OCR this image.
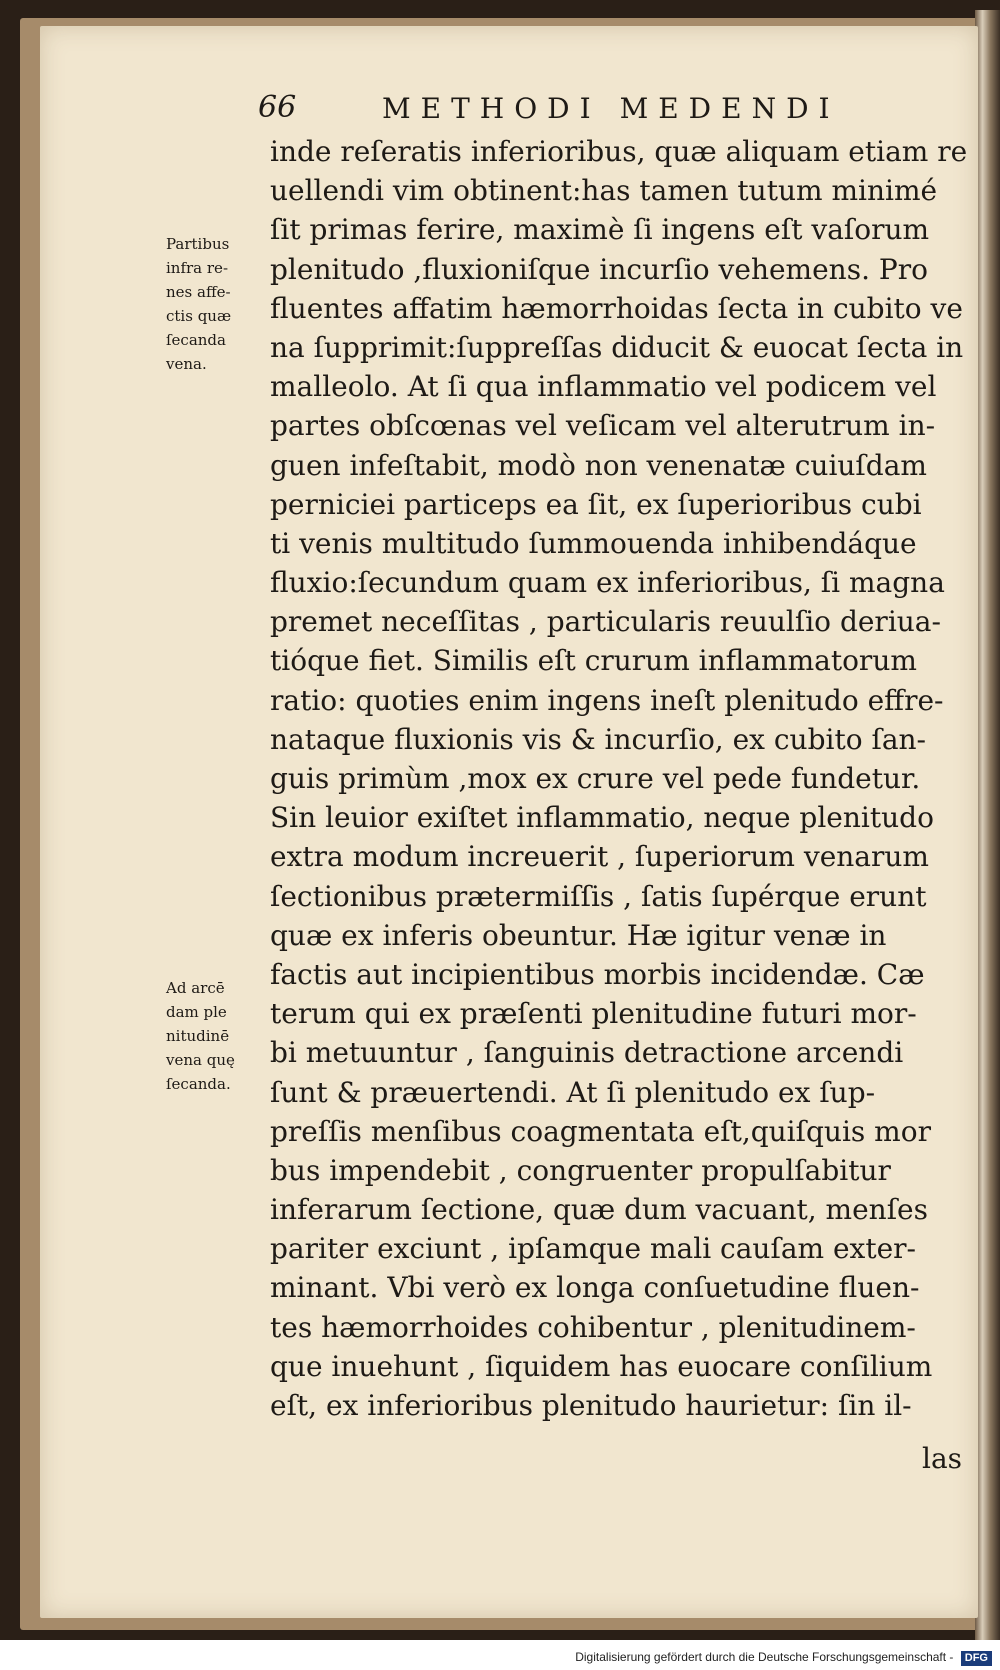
66	METHODI MEDENDI
Partibus
infra re-
nes affe-
ctis quæ
ſecanda
vena.
Ad arcē
dam ple
nitudinē
vena quę
ſecanda.
inde reſeratis inferioribus, quæ aliquam etiam re
uellendi vim obtinent:has tamen tutum minimé
ſit primas ferire, maximè ſi ingens eſt vaſorum
plenitudo ,fluxioniſque incurſio vehemens. Pro
fluentes affatim hæmorrhoidas ſecta in cubito ve
na ſupprimit:ſuppreſſas diducit & euocat ſecta in
malleolo. At ſi qua inflammatio vel podicem vel
partes obſcœnas vel veſicam vel alterutrum in-
guen infeſtabit, modò non venenatæ cuiuſdam
perniciei particeps ea ſit, ex ſuperioribus cubi
ti venis multitudo ſummouenda inhibendáque
fluxio:ſecundum quam ex inferioribus, ſi magna
premet neceſſitas , particularis reuulſio deriua-
tióque fiet. Similis eſt crurum inflammatorum
ratio: quoties enim ingens ineſt plenitudo effre-
nataque fluxionis vis & incurſio, ex cubito ſan-
guis primùm ,mox ex crure vel pede fundetur.
Sin leuior exiſtet inflammatio, neque plenitudo
extra modum increuerit , ſuperiorum venarum
ſectionibus prætermiſſis , ſatis ſupérque erunt
quæ ex inferis obeuntur. Hæ igitur venæ in
factis aut incipientibus morbis incidendæ. Cæ
terum qui ex præſenti plenitudine futuri mor-
bi metuuntur , ſanguinis detractione arcendi
ſunt & præuertendi. At ſi plenitudo ex ſup-
preſſis menſibus coagmentata eſt,quiſquis mor
bus impendebit , congruenter propulſabitur
inferarum ſectione, quæ dum vacuant, menſes
pariter exciunt , ipſamque mali cauſam exter-
minant. Vbi verò ex longa conſuetudine fluen-
tes hæmorrhoides cohibentur , plenitudinem-
que inuehunt , ſiquidem has euocare conſilium
eſt, ex inferioribus plenitudo haurietur: ſin il-
las
Digitalisierung gefördert durch die Deutsche Forschungsgemeinschaft - DFG
